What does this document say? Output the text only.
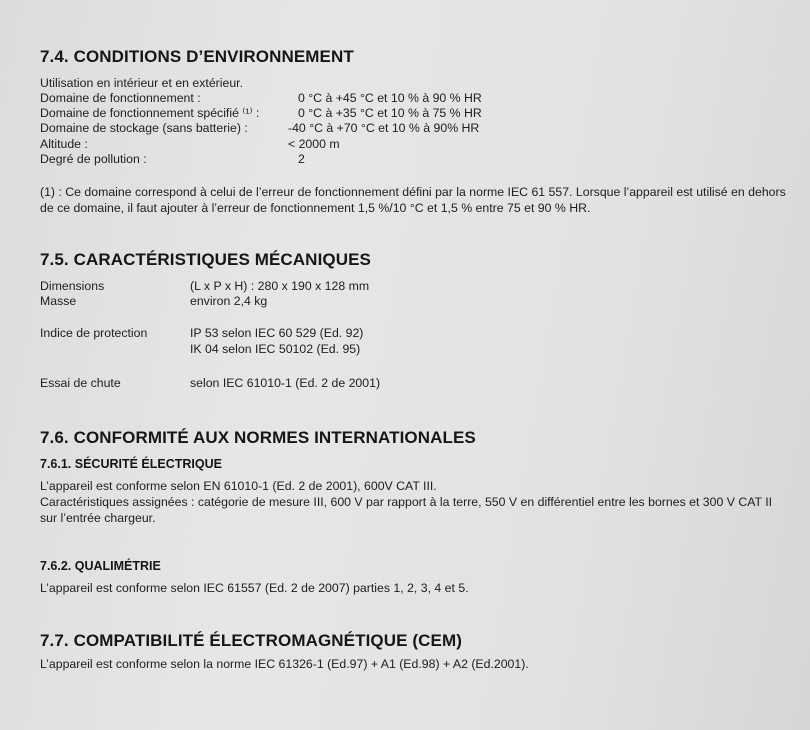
7.4. CONDITIONS D’ENVIRONNEMENT
Utilisation en intérieur et en extérieur.
Domaine de fonctionnement :	0 °C à +45 °C et 10 % à 90 % HR
Domaine de fonctionnement spécifié ⁽¹⁾ :	0 °C à +35 °C et 10 % à 75 % HR
Domaine de stockage (sans batterie) :	-40 °C à +70 °C et 10 % à 90% HR
Altitude :	< 2000 m
Degré de pollution :	2

(1) : Ce domaine correspond à celui de l’erreur de fonctionnement défini par la norme IEC 61 557. Lorsque l’appareil est utilisé en dehors de ce domaine, il faut ajouter à l’erreur de fonctionnement 1,5 %/10 °C et 1,5 % entre 75 et 90 % HR.

7.5. CARACTÉRISTIQUES MÉCANIQUES
Dimensions	(L x P x H) : 280 x 190 x 128 mm
Masse	environ 2,4 kg
Indice de protection	IP 53 selon IEC 60 529 (Ed. 92)
IK 04 selon IEC 50102 (Ed. 95)
Essai de chute	selon IEC 61010-1 (Ed. 2 de 2001)
7.6. CONFORMITÉ AUX NORMES INTERNATIONALES
7.6.1. SÉCURITÉ ÉLECTRIQUE
L’appareil est conforme selon EN 61010-1 (Ed. 2 de 2001), 600V CAT III.

Caractéristiques assignées : catégorie de mesure III, 600 V par rapport à la terre, 550 V en différentiel entre les bornes et 300 V CAT II sur l’entrée chargeur.

7.6.2. QUALIMÉTRIE
L’appareil est conforme selon IEC 61557 (Ed. 2 de 2007) parties 1, 2, 3, 4 et 5.
7.7. COMPATIBILITÉ ÉLECTROMAGNÉTIQUE (CEM)
L’appareil est conforme selon la norme IEC 61326-1 (Ed.97) + A1 (Ed.98) + A2 (Ed.2001).
